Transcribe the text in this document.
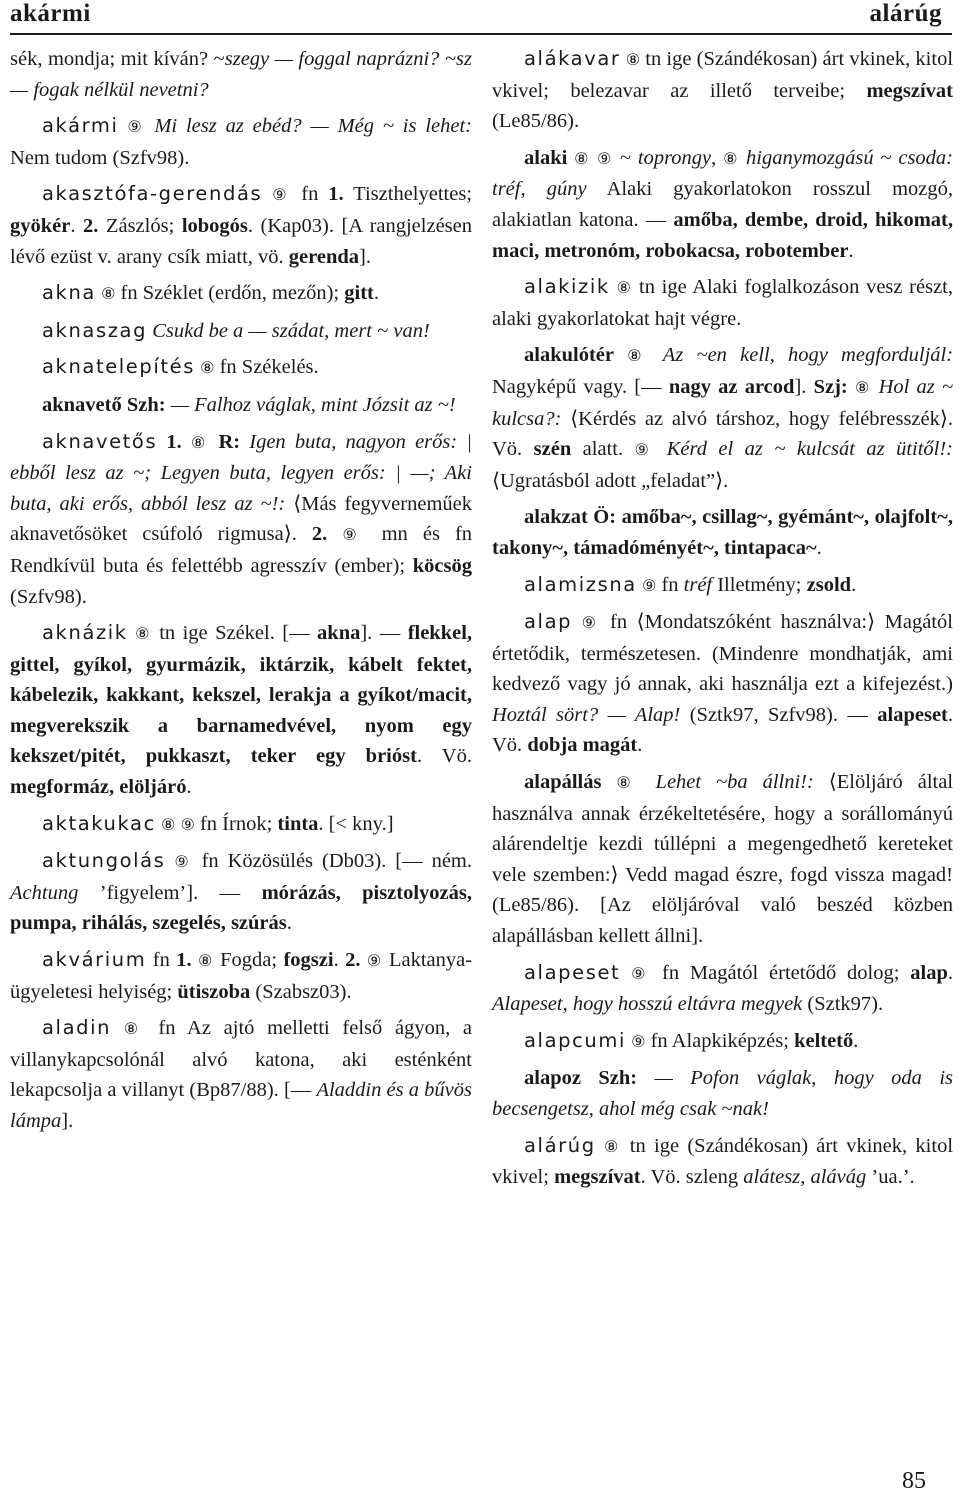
akármi	alárúg

sék, mondja; mit kíván? ~szegy — foggal naprázni? ~sz — fogak nélkül nevetni?

akármi ⑨ Mi lesz az ebéd? — Még ~ is lehet: Nem tudom (Szfv98).

akasztófa-gerendás ⑨ fn 1. Tiszthelyettes; gyökér. 2. Zászlós; lobogós. (Kap03). [A rangjelzésen lévő ezüst v. arany csík miatt, vö. gerenda].

akna ⑧ fn Széklet (erdőn, mezőn); gitt.

aknaszag Csukd be a — szádat, mert ~ van!

aknatelepítés ⑧ fn Székelés.

aknavető Szh: — Falhoz váglak, mint Józsit az ~!

aknavetős 1. ⑧ R: Igen buta, nagyon erős: | ebből lesz az ~; Legyen buta, legyen erős: | —; Aki buta, aki erős, abból lesz az ~!: ⟨Más fegyverneműek aknavetősöket csúfoló rigmusa⟩. 2. ⑨ mn és fn Rendkívül buta és felettébb agresszív (ember); köcsög (Szfv98).

aknázik ⑧ tn ige Székel. [— akna]. — flekkel, gittel, gyíkol, gyurmázik, iktárzik, kábelt fektet, kábelezik, kakkant, kekszel, lerakja a gyíkot/macit, megverekszik a barnamedvével, nyom egy kekszet/pitét, pukkaszt, teker egy brióst. Vö. megformáz, elöljáró.

aktakukac ⑧ ⑨ fn Írnok; tinta. [< kny.]

aktungolás ⑨ fn Közösülés (Db03). [— ném. Achtung ’figyelem’]. — mórázás, pisztolyozás, pumpa, rihálás, szegelés, szúrás.

akvárium fn 1. ⑧ Fogda; fogszi. 2. ⑨ Laktanya-ügyeletesi helyiség; ütiszoba (Szabsz03).

aladin ⑧ fn Az ajtó melletti felső ágyon, a villanykapcsolónál alvó katona, aki esténként lekapcsolja a villanyt (Bp87/88). [— Aladdin és a bűvös lámpa].

alákavar ⑧ tn ige (Szándékosan) árt vkinek, kitol vkivel; belezavar az illető terveibe; megszívat (Le85/86).

alaki ⑧ ⑨ ~ toprongy, ⑧ higanymozgású ~ csoda: tréf, gúny Alaki gyakorlatokon rosszul mozgó, alakiatlan katona. — amőba, dembe, droid, hikomat, maci, metronóm, robokacsa, robotember.

alakizik ⑧ tn ige Alaki foglalkozáson vesz részt, alaki gyakorlatokat hajt végre.

alakulótér ⑧ Az ~en kell, hogy megforduljál: Nagyképű vagy. [— nagy az arcod]. Szj: ⑧ Hol az ~ kulcsa?: ⟨Kérdés az alvó társhoz, hogy felébresszék⟩. Vö. szén alatt. ⑨ Kérd el az ~ kulcsát az ütitől!: ⟨Ugratásból adott „feladat”⟩.

alakzat Ö: amőba~, csillag~, gyémánt~, olajfolt~, takony~, támadóményét~, tintapaca~.

alamizsna ⑨ fn tréf Illetmény; zsold.

alap ⑨ fn ⟨Mondatszóként használva:⟩ Magától értetődik, természetesen. (Mindenre mondhatják, ami kedvező vagy jó annak, aki használja ezt a kifejezést.) Hoztál sört? — Alap! (Sztk97, Szfv98). — alapeset. Vö. dobja magát.

alapállás ⑧ Lehet ~ba állni!: ⟨Elöljáró által használva annak érzékeltetésére, hogy a sorállományú alárendeltje kezdi túllépni a megengedhető kereteket vele szemben:⟩ Vedd magad észre, fogd vissza magad! (Le85/86). [Az elöljáróval való beszéd közben alapállásban kellett állni].

alapeset ⑨ fn Magától értetődő dolog; alap. Alapeset, hogy hosszú eltávra megyek (Sztk97).

alapcumi ⑨ fn Alapkiképzés; keltető.

alapoz Szh: — Pofon váglak, hogy oda is becsengetsz, ahol még csak ~nak!

alárúg ⑧ tn ige (Szándékosan) árt vkinek, kitol vkivel; megszívat. Vö. szleng alátesz, alávág ’ua.’.

85
